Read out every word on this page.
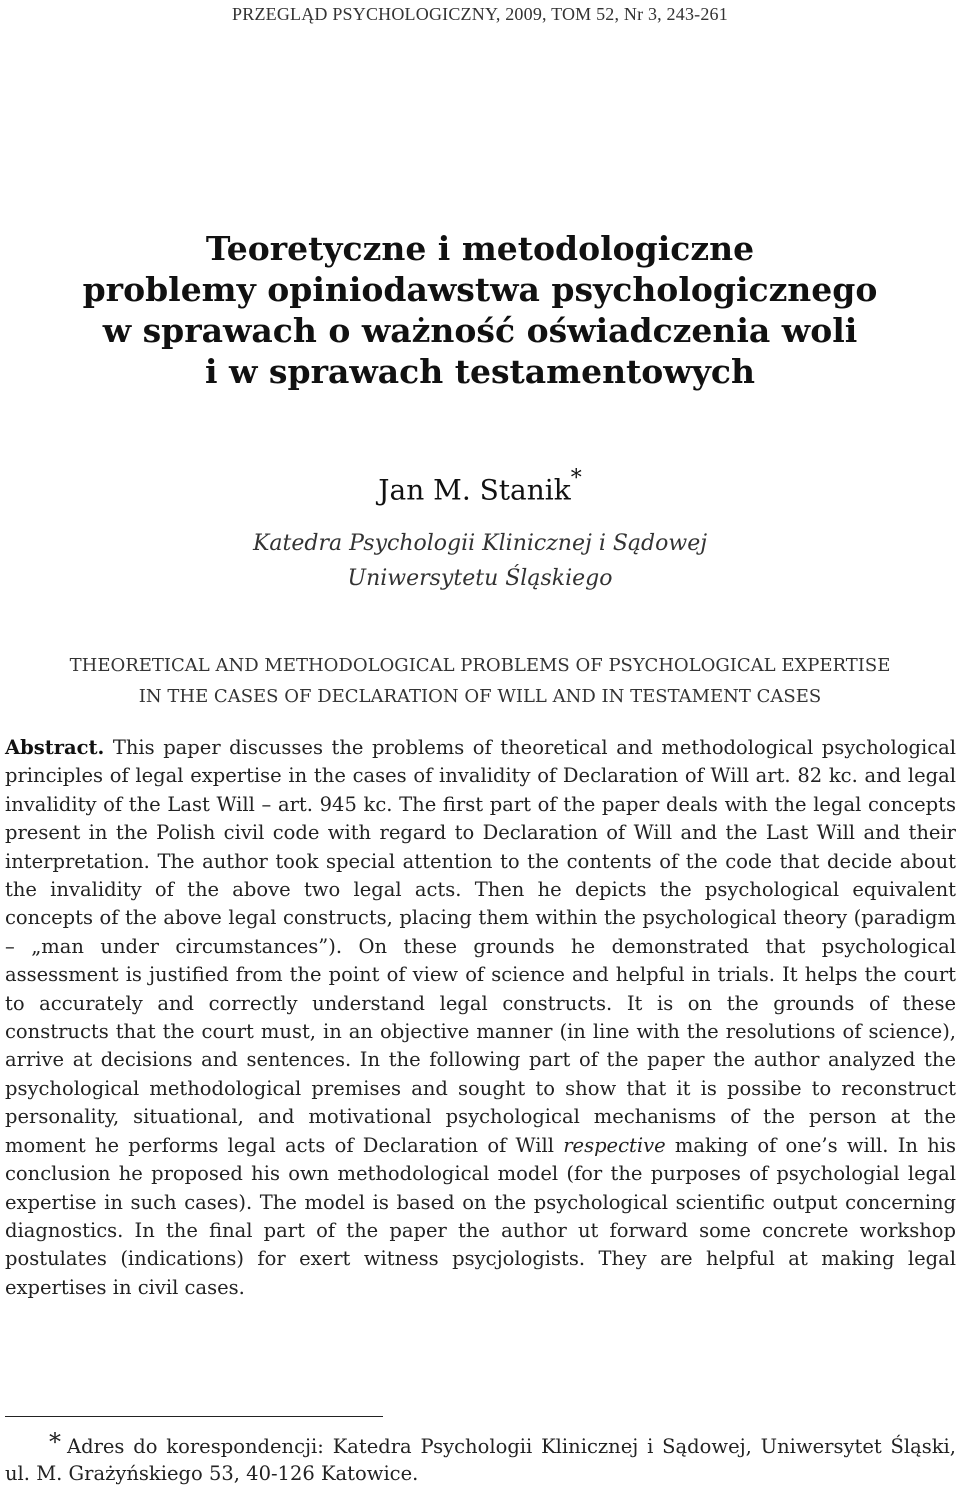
PRZEGLĄD PSYCHOLOGICZNY, 2009, TOM 52, Nr 3, 243-261
Teoretyczne i metodologiczne
problemy opiniodawstwa psychologicznego
w sprawach o ważność oświadczenia woli
i w sprawach testamentowych
Jan M. Stanik*
Katedra Psychologii Klinicznej i Sądowej
Uniwersytetu Śląskiego
THEORETICAL AND METHODOLOGICAL PROBLEMS OF PSYCHOLOGICAL EXPERTISE
IN THE CASES OF DECLARATION OF WILL AND IN TESTAMENT CASES
Abstract. This paper discusses the problems of theoretical and methodological psychological principles of legal expertise in the cases of invalidity of Declaration of Will art. 82 kc. and legal invalidity of the Last Will – art. 945 kc. The first part of the paper deals with the legal concepts present in the Polish civil code with regard to Declaration of Will and the Last Will and their interpretation. The author took special attention to the contents of the code that decide about the invalidity of the above two legal acts. Then he depicts the psychological equivalent concepts of the above legal constructs, placing them within the psychological theory (paradigm – „man under circumstances”). On these grounds he demonstrated that psychological assessment is justified from the point of view of science and helpful in trials. It helps the court to accurately and correctly understand legal constructs. It is on the grounds of these constructs that the court must, in an objective manner (in line with the resolutions of science), arrive at decisions and sentences. In the following part of the paper the author analyzed the psychological methodological premises and sought to show that it is possibe to reconstruct personality, situational, and motivational psychological mechanisms of the person at the moment he performs legal acts of Declaration of Will respective making of one’s will. In his conclusion he proposed his own methodological model (for the purposes of psychologial legal expertise in such cases). The model is based on the psychological scientific output concerning diagnostics. In the final part of the paper the author ut forward some concrete workshop postulates (indications) for exert witness psycjologists. They are helpful at making legal expertises in civil cases.
* Adres do korespondencji: Katedra Psychologii Klinicznej i Sądowej, Uniwersytet Śląski, ul. M. Grażyńskiego 53, 40-126 Katowice.
